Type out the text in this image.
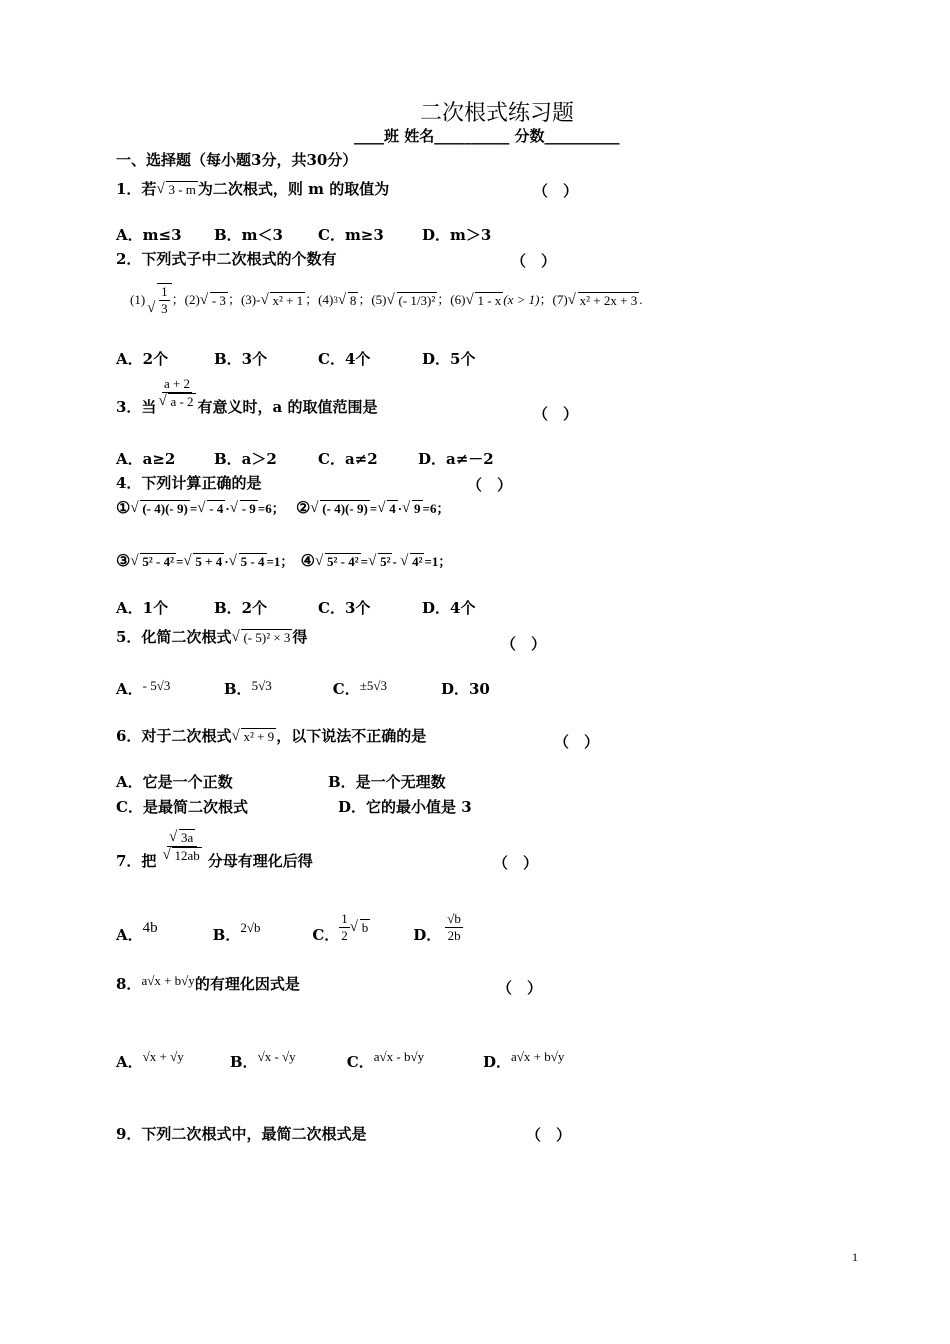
二次根式练习题
____班 姓名__________ 分数__________
一、选择题（每小题3分，共30分）
1．若 √ 3 - m 为二次根式，则 m 的取值为	（　）
A．m≤3 B．m＜3 C．m≥3	D．m＞3
2．下列式子中二次根式的个数有	（　）
(1) √ $\frac{1}{3}$ ；(2) √ - 3 ；(3)- √ x² + 1 ；(4) 3 √ 8 ；(5) √ (- 1/3)² ；(6) √ 1 - x (x > 1) ；(7) √ x² + 2x + 3 .
A．2个	B．3个	C．4个	D．5个
3．当 a + 2
√ a - 2 有意义时，a 的取值范围是	（　）
A．a≥2	B．a＞2	C．a≠2	D．a≠－2
4．下列计算正确的是	（　）
① √ (- 4)(- 9) = √ - 4 · √ - 9 =6； ② √ (- 4)(- 9) = √ 4 · √ 9 =6；
③ √ 5² - 4² = √ 5 + 4 · √ 5 - 4 =1； ④ √ 5² - 4² = √ 5² - √ 4² =1；
A．1个	B．2个	C．3个	D．4个
5．化简二次根式 √ (- 5)² × 3 得	（　）
A．- 5√3	B．5√3	C．±5√3	D．30
6．对于二次根式 √ x² + 9 ，以下说法不正确的是	（　）
A．它是一个正数	B．是一个无理数
C．是最简二次根式	D．它的最小值是 3
7．把 √ 3a
√ 12ab 分母有理化后得	（　）
A． 4b	B． 2√b	C． $\frac{1}{2}$ √ b	D． $\frac{√b}{2b}$
8．a√x + b√y的有理化因式是	（　）
A．√x + √y	B．√x - √y	C．a√x - b√y	D．a√x + b√y
9．下列二次根式中，最简二次根式是	（　）
1
